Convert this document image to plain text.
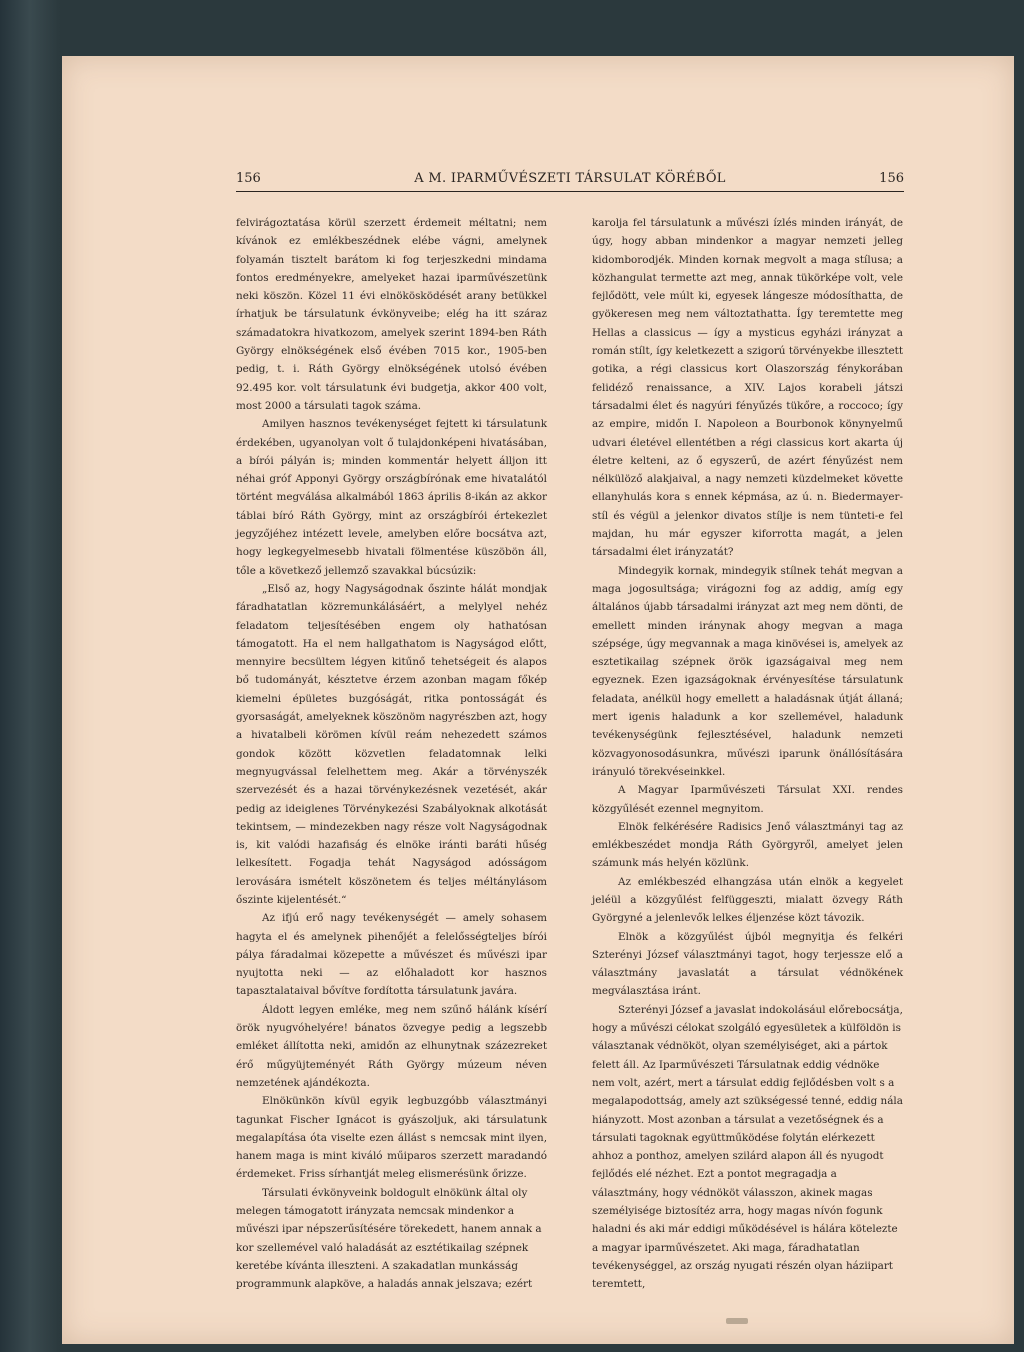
156	A M. IPARMŰVÉSZETI TÁRSULAT KÖRÉBŐL	156

felvirágoztatása körül szerzett érdemeit méltatni; nem kívánok ez emlékbeszédnek elébe vágni, amelynek folyamán tisztelt barátom ki fog terjeszkedni mindama fontos eredményekre, amelyeket hazai iparművészetünk neki köszön. Közel 11 évi elnökösködését arany betükkel írhatjuk be társulatunk évkönyveibe; elég ha itt száraz számadatokra hivatkozom, amelyek szerint 1894-ben Ráth György elnökségének első évében 7015 kor., 1905-ben pedig, t. i. Ráth György elnökségének utolsó évében 92.495 kor. volt társulatunk évi budgetja, akkor 400 volt, most 2000 a társulati tagok száma.

Amilyen hasznos tevékenységet fejtett ki társulatunk érdekében, ugyanolyan volt ő tulajdonképeni hivatásában, a bírói pályán is; minden kommentár helyett álljon itt néhai gróf Apponyi György országbírónak eme hivatalától történt megválása alkalmából 1863 április 8-ikán az akkor táblai bíró Ráth György, mint az országbírói értekezlet jegyzőjéhez intézett levele, amelyben előre bocsátva azt, hogy legkegyelmesebb hivatali fölmentése küszöbön áll, tőle a következő jellemző szavakkal búcsúzik:

„Első az, hogy Nagyságodnak őszinte hálát mondjak fáradhatatlan közremunkálásáért, a melylyel nehéz feladatom teljesítésében engem oly hathatósan támogatott. Ha el nem hallgathatom is Nagyságod előtt, mennyire becsültem légyen kitűnő tehetségeit és alapos bő tudományát, késztetve érzem azonban magam főkép kiemelni épületes buzgóságát, ritka pontosságát és gyorsaságát, amelyeknek köszönöm nagyrészben azt, hogy a hivatalbeli körömen kívül reám nehezedett számos gondok között közvetlen feladatomnak lelki megnyugvással felelhettem meg. Akár a törvényszék szervezését és a hazai törvénykezésnek vezetését, akár pedig az ideiglenes Törvénykezési Szabályoknak alkotását tekintsem, — mindezekben nagy része volt Nagyságodnak is, kit valódi hazafiság és elnöke iránti baráti hűség lelkesített. Fogadja tehát Nagyságod adósságom lerovására ismételt köszönetem és teljes méltánylásom őszinte kijelentését.“

Az ifjú erő nagy tevékenységét — amely sohasem hagyta el és amelynek pihenőjét a felelősségteljes bírói pálya fáradalmai közepette a művészet és művészi ipar nyujtotta neki — az előhaladott kor hasznos tapasztalataival bővítve fordította társulatunk javára.

Áldott legyen emléke, meg nem szűnő hálánk kísérí örök nyugvóhelyére! bánatos özvegye pedig a legszebb emléket állította neki, amidőn az elhunytnak százezreket érő műgyüjteményét Ráth György múzeum néven nemzetének ajándékozta.

Elnökünkön kívül egyik legbuzgóbb választmányi tagunkat Fischer Ignácot is gyászoljuk, aki társulatunk megalapítása óta viselte ezen állást s nemcsak mint ilyen, hanem maga is mint kiváló műiparos szerzett maradandó érdemeket. Friss sírhantját meleg elismerésünk őrizze.

Társulati évkönyveink boldogult elnökünk által oly melegen támogatott irányzata nemcsak mindenkor a művészi ipar népszerűsítésére törekedett, hanem annak a kor szellemével való haladását az esztétikailag szépnek keretébe kívánta illeszteni. A szakadatlan munkásság programmunk alapköve, a haladás annak jelszava; ezért

karolja fel társulatunk a művészi ízlés minden irányát, de úgy, hogy abban mindenkor a magyar nemzeti jelleg kidomborodjék. Minden kornak megvolt a maga stílusa; a közhangulat termette azt meg, annak tükörképe volt, vele fejlődött, vele múlt ki, egyesek lángesze módosíthatta, de gyökeresen meg nem változtathatta. Így teremtette meg Hellas a classicus — így a mysticus egyházi irányzat a román stílt, így keletkezett a szigorú törvényekbe illesztett gotika, a régi classicus kort Olaszország fénykorában felidéző renaissance, a XIV. Lajos korabeli játszi társadalmi élet és nagyúri fényűzés tükőre, a roccoco; így az empire, midőn I. Napoleon a Bourbonok könynyelmű udvari életével ellentétben a régi classicus kort akarta új életre kelteni, az ő egyszerű, de azért fényűzést nem nélkülöző alakjaival, a nagy nemzeti küzdelmeket követte ellanyhulás kora s ennek képmása, az ú. n. Biedermayer-stíl és végül a jelenkor divatos stílje is nem tünteti-e fel majdan, hu már egyszer kiforrotta magát, a jelen társadalmi élet irányzatát?

Mindegyik kornak, mindegyik stílnek tehát megvan a maga jogosultsága; virágozni fog az addig, amíg egy általános újabb társadalmi irányzat azt meg nem dönti, de emellett minden iránynak ahogy megvan a maga szépsége, úgy megvannak a maga kinövései is, amelyek az esztetikailag szépnek örök igazságaival meg nem egyeznek. Ezen igazságoknak érvényesítése társulatunk feladata, anélkül hogy emellett a haladásnak útját állaná; mert igenis haladunk a kor szellemével, haladunk tevékenységünk fejlesztésével, haladunk nemzeti közvagyonosodásunkra, művészi iparunk önállósítására irányuló törekvéseinkkel.

A Magyar Iparművészeti Társulat XXI. rendes közgyűlését ezennel megnyitom.

Elnök felkérésére Radisics Jenő választmányi tag az emlékbeszédet mondja Ráth Györgyről, amelyet jelen számunk más helyén közlünk.

Az emlékbeszéd elhangzása után elnök a kegyelet jeléül a közgyűlést felfüggeszti, mialatt özvegy Ráth Györgyné a jelenlevők lelkes éljenzése közt távozik.

Elnök a közgyűlést újból megnyitja és felkéri Szterényi József választmányi tagot, hogy terjessze elő a választmány javaslatát a társulat védnökének megválasztása iránt.

Szterényi József a javaslat indokolásául előrebocsátja, hogy a művészi célokat szolgáló egyesületek a külföldön is választanak védnököt, olyan személyiséget, aki a pártok felett áll. Az Iparművészeti Társulatnak eddig védnöke nem volt, azért, mert a társulat eddig fejlődésben volt s a megalapodottság, amely azt szükségessé tenné, eddig nála hiányzott. Most azonban a társulat a vezetőségnek és a társulati tagoknak együttműködése folytán elérkezett ahhoz a ponthoz, amelyen szilárd alapon áll és nyugodt fejlődés elé nézhet. Ezt a pontot megragadja a választmány, hogy védnököt válasszon, akinek magas személyisége biztosítéz arra, hogy magas nívón fogunk haladni és aki már eddigi működésével is hálára kötelezte a magyar iparművészetet. Aki maga, fáradhatatlan tevékenységgel, az ország nyugati részén olyan háziipart teremtett,
